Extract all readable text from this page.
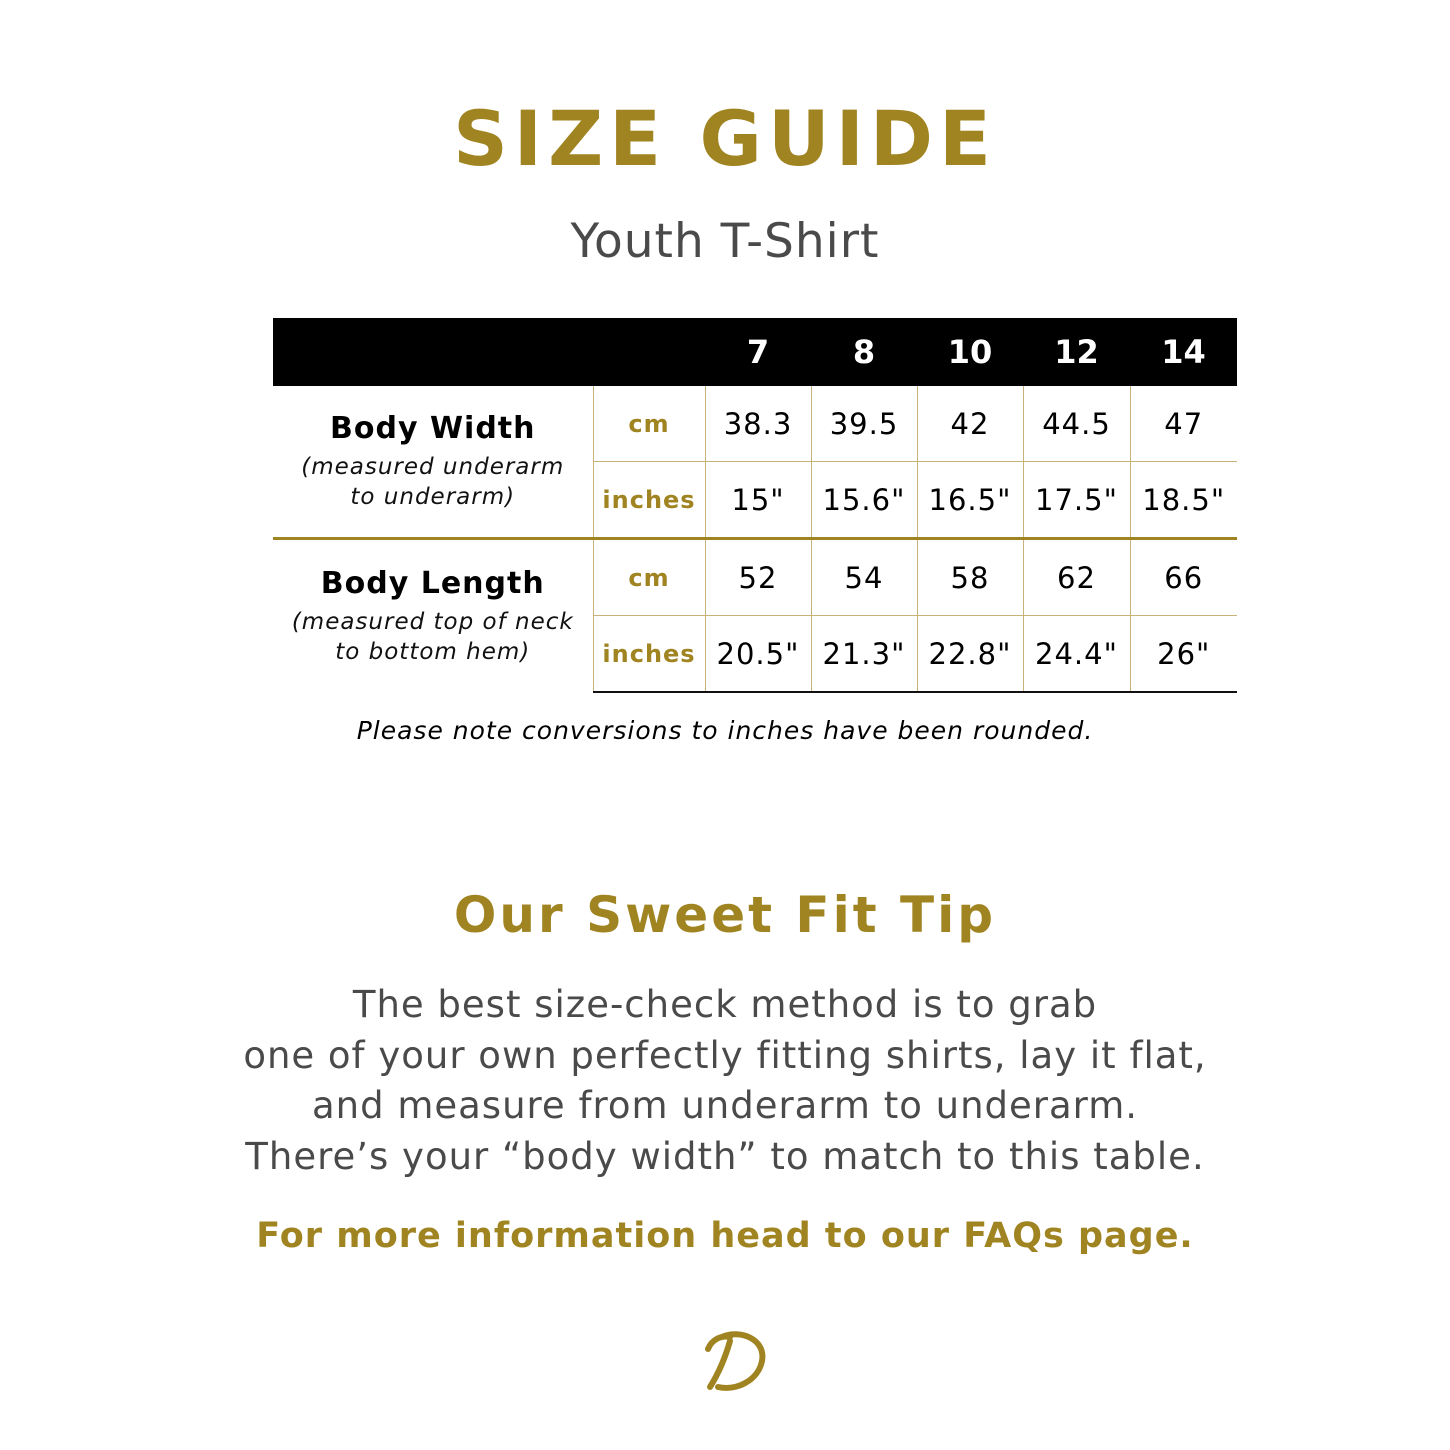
SIZE GUIDE
Youth T-Shirt
		7	8	10	12	14

Body Width
(measured underarm
to underarm)	cm	38.3	39.5	42	44.5	47
	inches	15"	15.6"	16.5"	17.5"	18.5"

Body Length
(measured top of neck
to bottom hem)	cm	52	54	58	62	66
	inches	20.5"	21.3"	22.8"	24.4"	26"
Please note conversions to inches have been rounded.
Our Sweet Fit Tip
The best size-check method is to grab
one of your own perfectly fitting shirts, lay it flat,
and measure from underarm to underarm.
There’s your “body width” to match to this table.
For more information head to our FAQs page.
